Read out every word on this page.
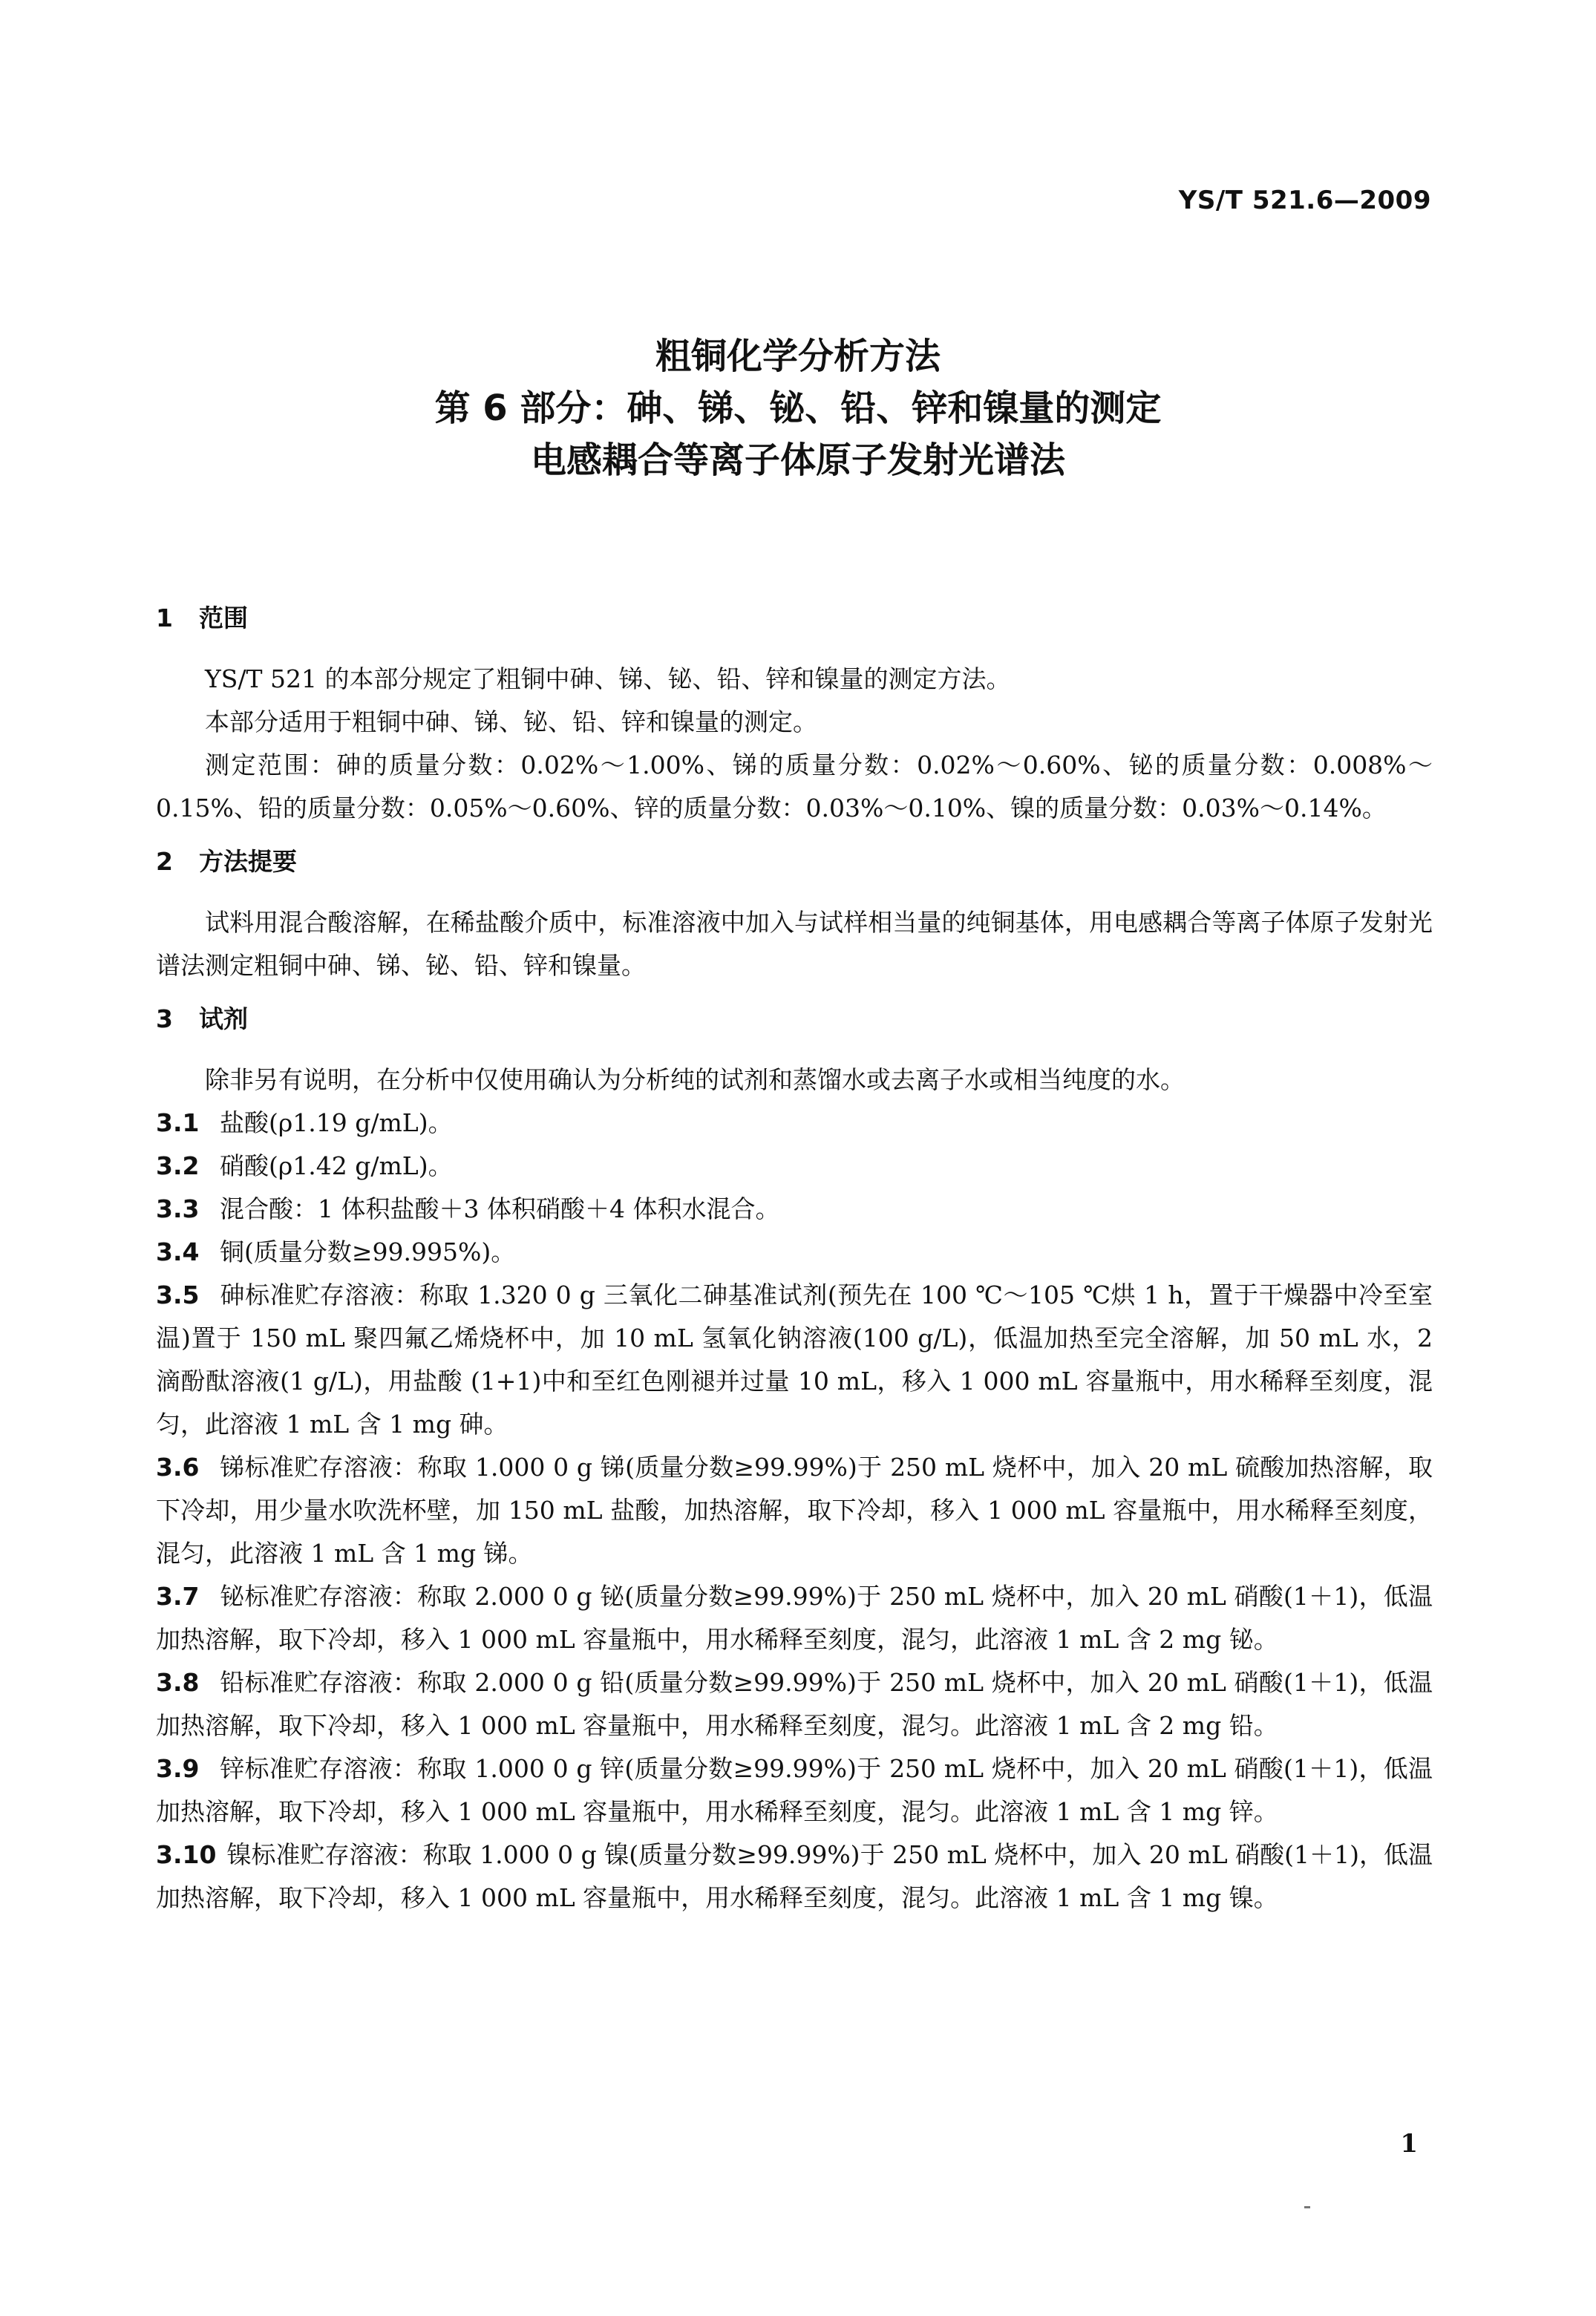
YS/T 521.6—2009
粗铜化学分析方法
第 6 部分：砷、锑、铋、铅、锌和镍量的测定
电感耦合等离子体原子发射光谱法
1 范围

YS/T 521 的本部分规定了粗铜中砷、锑、铋、铅、锌和镍量的测定方法。

本部分适用于粗铜中砷、锑、铋、铅、锌和镍量的测定。

测定范围：砷的质量分数：0.02%～1.00%、锑的质量分数：0.02%～0.60%、铋的质量分数：0.008%～0.15%、铅的质量分数：0.05%～0.60%、锌的质量分数：0.03%～0.10%、镍的质量分数：0.03%～0.14%。

2 方法提要

试料用混合酸溶解，在稀盐酸介质中，标准溶液中加入与试样相当量的纯铜基体，用电感耦合等离子体原子发射光谱法测定粗铜中砷、锑、铋、铅、锌和镍量。

3 试剂

除非另有说明，在分析中仅使用确认为分析纯的试剂和蒸馏水或去离子水或相当纯度的水。

3.1 盐酸(ρ1.19 g/mL)。

3.2 硝酸(ρ1.42 g/mL)。

3.3 混合酸：1 体积盐酸＋3 体积硝酸＋4 体积水混合。

3.4 铜(质量分数≥99.995%)。

3.5 砷标准贮存溶液：称取 1.320 0 g 三氧化二砷基准试剂(预先在 100 ℃～105 ℃烘 1 h，置于干燥器中冷至室温)置于 150 mL 聚四氟乙烯烧杯中，加 10 mL 氢氧化钠溶液(100 g/L)，低温加热至完全溶解，加 50 mL 水，2 滴酚酞溶液(1 g/L)，用盐酸 (1+1)中和至红色刚褪并过量 10 mL，移入 1 000 mL 容量瓶中，用水稀释至刻度，混匀，此溶液 1 mL 含 1 mg 砷。

3.6 锑标准贮存溶液：称取 1.000 0 g 锑(质量分数≥99.99%)于 250 mL 烧杯中，加入 20 mL 硫酸加热溶解，取下冷却，用少量水吹洗杯壁，加 150 mL 盐酸，加热溶解，取下冷却，移入 1 000 mL 容量瓶中，用水稀释至刻度，混匀，此溶液 1 mL 含 1 mg 锑。

3.7 铋标准贮存溶液：称取 2.000 0 g 铋(质量分数≥99.99%)于 250 mL 烧杯中，加入 20 mL 硝酸(1＋1)，低温加热溶解，取下冷却，移入 1 000 mL 容量瓶中，用水稀释至刻度，混匀，此溶液 1 mL 含 2 mg 铋。

3.8 铅标准贮存溶液：称取 2.000 0 g 铅(质量分数≥99.99%)于 250 mL 烧杯中，加入 20 mL 硝酸(1＋1)，低温加热溶解，取下冷却，移入 1 000 mL 容量瓶中，用水稀释至刻度，混匀。此溶液 1 mL 含 2 mg 铅。

3.9 锌标准贮存溶液：称取 1.000 0 g 锌(质量分数≥99.99%)于 250 mL 烧杯中，加入 20 mL 硝酸(1＋1)，低温加热溶解，取下冷却，移入 1 000 mL 容量瓶中，用水稀释至刻度，混匀。此溶液 1 mL 含 1 mg 锌。

3.10 镍标准贮存溶液：称取 1.000 0 g 镍(质量分数≥99.99%)于 250 mL 烧杯中，加入 20 mL 硝酸(1＋1)，低温加热溶解，取下冷却，移入 1 000 mL 容量瓶中，用水稀释至刻度，混匀。此溶液 1 mL 含 1 mg 镍。

1
